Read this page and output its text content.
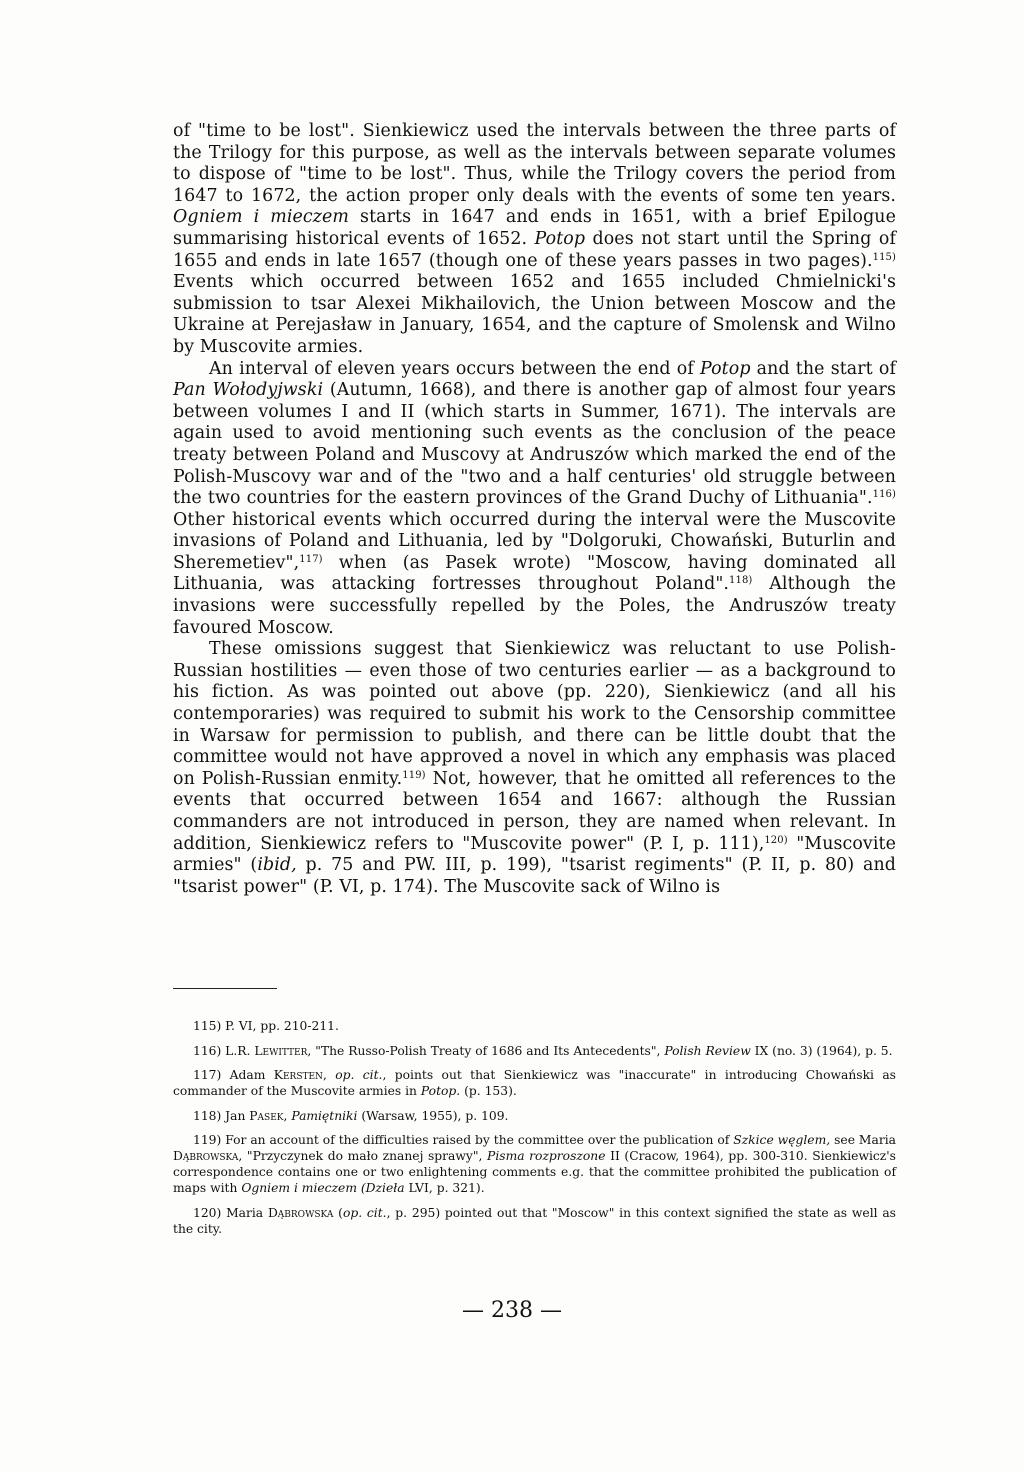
of "time to be lost". Sienkiewicz used the intervals between the three parts of the Trilogy for this purpose, as well as the intervals between separate volumes to dispose of "time to be lost". Thus, while the Trilogy covers the period from 1647 to 1672, the action proper only deals with the events of some ten years. Ogniem i mieczem starts in 1647 and ends in 1651, with a brief Epilogue summarising historical events of 1652. Potop does not start until the Spring of 1655 and ends in late 1657 (though one of these years passes in two pages).$^{115)}$ Events which occurred between 1652 and 1655 included Chmielnicki's submission to tsar Alexei Mikhailovich, the Union between Moscow and the Ukraine at Perejasław in January, 1654, and the capture of Smolensk and Wilno by Muscovite armies.

An interval of eleven years occurs between the end of Potop and the start of Pan Wołodyjwski (Autumn, 1668), and there is another gap of almost four years between volumes I and II (which starts in Summer, 1671). The intervals are again used to avoid mentioning such events as the conclusion of the peace treaty between Poland and Muscovy at Andruszów which marked the end of the Polish-Muscovy war and of the "two and a half centuries' old struggle between the two countries for the eastern provinces of the Grand Duchy of Lithuania".$^{116)}$ Other historical events which occurred during the interval were the Muscovite invasions of Poland and Lithuania, led by "Dolgoruki, Chowański, Buturlin and Sheremetiev",$^{117)}$ when (as Pasek wrote) "Moscow, having dominated all Lithuania, was attacking fortresses throughout Poland".$^{118)}$ Although the invasions were successfully repelled by the Poles, the Andruszów treaty favoured Moscow.

These omissions suggest that Sienkiewicz was reluctant to use Polish-Russian hostilities — even those of two centuries earlier — as a background to his fiction. As was pointed out above (pp. 220), Sienkiewicz (and all his contemporaries) was required to submit his work to the Censorship committee in Warsaw for permission to publish, and there can be little doubt that the committee would not have approved a novel in which any emphasis was placed on Polish-Russian enmity.$^{119)}$ Not, however, that he omitted all references to the events that occurred between 1654 and 1667: although the Russian commanders are not introduced in person, they are named when relevant. In addition, Sienkiewicz refers to "Muscovite power" (P. I, p. 111),$^{120)}$ "Muscovite armies" (ibid, p. 75 and PW. III, p. 199), "tsarist regiments" (P. II, p. 80) and "tsarist power" (P. VI, p. 174). The Muscovite sack of Wilno is

115) P. VI, pp. 210-211.

116) L.R. Lewitter, "The Russo-Polish Treaty of 1686 and Its Antecedents", Polish Review IX (no. 3) (1964), p. 5.

117) Adam Kersten, op. cit., points out that Sienkiewicz was "inaccurate" in introducing Chowański as commander of the Muscovite armies in Potop. (p. 153).

118) Jan Pasek, Pamiętniki (Warsaw, 1955), p. 109.

119) For an account of the difficulties raised by the committee over the publication of Szkice węglem, see Maria Dąbrowska, "Przyczynek do mało znanej sprawy", Pisma rozproszone II (Cracow, 1964), pp. 300-310. Sienkiewicz's correspondence contains one or two enlightening comments e.g. that the committee prohibited the publication of maps with Ogniem i mieczem (Dzieła LVI, p. 321).

120) Maria Dąbrowska (op. cit., p. 295) pointed out that "Moscow" in this context signified the state as well as the city.

— 238 —
